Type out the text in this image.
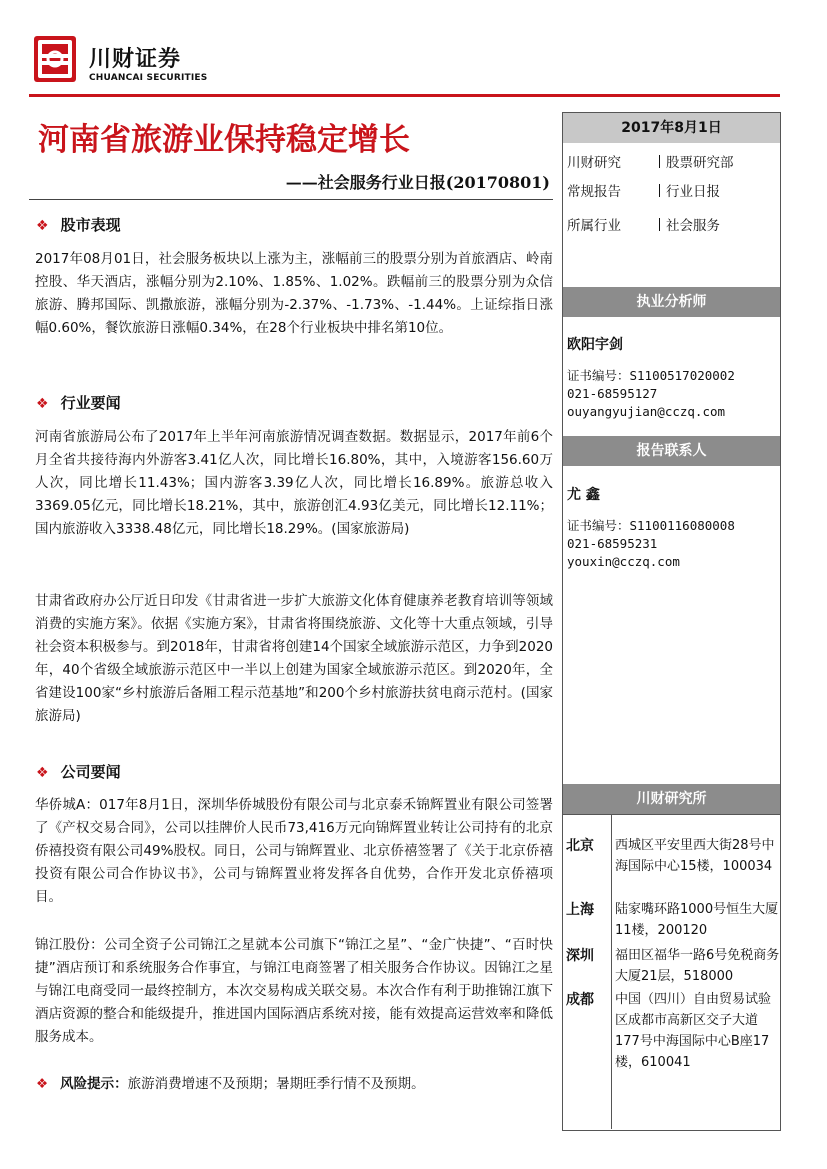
川财证券
CHUANCAI SECURITIES
河南省旅游业保持稳定增长
——社会服务行业日报(20170801)
❖ 股市表现

2017年08月01日，社会服务板块以上涨为主，涨幅前三的股票分别为首旅酒店、岭南控股、华天酒店，涨幅分别为2.10%、1.85%、1.02%。跌幅前三的股票分别为众信旅游、腾邦国际、凯撒旅游，涨幅分别为-2.37%、-1.73%、-1.44%。上证综指日涨幅0.60%，餐饮旅游日涨幅0.34%，在28个行业板块中排名第10位。

❖ 行业要闻

河南省旅游局公布了2017年上半年河南旅游情况调查数据。数据显示，2017年前6个月全省共接待海内外游客3.41亿人次，同比增长16.80%，其中，入境游客156.60万人次，同比增长11.43%；国内游客3.39亿人次，同比增长16.89%。旅游总收入3369.05亿元，同比增长18.21%，其中，旅游创汇4.93亿美元，同比增长12.11%；国内旅游收入3338.48亿元，同比增长18.29%。(国家旅游局)

甘肃省政府办公厅近日印发《甘肃省进一步扩大旅游文化体育健康养老教育培训等领域消费的实施方案》。依据《实施方案》，甘肃省将围绕旅游、文化等十大重点领域，引导社会资本积极参与。到2018年，甘肃省将创建14个国家全域旅游示范区，力争到2020年，40个省级全域旅游示范区中一半以上创建为国家全域旅游示范区。到2020年，全省建设100家“乡村旅游后备厢工程示范基地”和200个乡村旅游扶贫电商示范村。(国家旅游局)

❖ 公司要闻

华侨城A：017年8月1日，深圳华侨城股份有限公司与北京泰禾锦辉置业有限公司签署了《产权交易合同》，公司以挂牌价人民币73,416万元向锦辉置业转让公司持有的北京侨禧投资有限公司49%股权。同日，公司与锦辉置业、北京侨禧签署了《关于北京侨禧投资有限公司合作协议书》，公司与锦辉置业将发挥各自优势，合作开发北京侨禧项目。

锦江股份：公司全资子公司锦江之星就本公司旗下“锦江之星”、“金广快捷”、“百时快捷”酒店预订和系统服务合作事宜，与锦江电商签署了相关服务合作协议。因锦江之星与锦江电商受同一最终控制方，本次交易构成关联交易。本次合作有利于助推锦江旗下酒店资源的整合和能级提升，推进国内国际酒店系统对接，能有效提高运营效率和降低服务成本。

❖ 风险提示：旅游消费增速不及预期；暑期旺季行情不及预期。
2017年8月1日
川财研究	股票研究部
常规报告	行业日报
所属行业	社会服务
执业分析师
欧阳宇剑
证书编号：S1100517020002
021-68595127
ouyangyujian@cczq.com
报告联系人
尤 鑫
证书编号：S1100116080008
021-68595231
youxin@cczq.com
川财研究所
北京 西城区平安里西大街28号中海国际中心15楼，100034

上海 陆家嘴环路1000号恒生大厦11楼，200120

深圳 福田区福华一路6号免税商务大厦21层，518000

成都 中国（四川）自由贸易试验区成都市高新区交子大道177号中海国际中心B座17楼，610041
